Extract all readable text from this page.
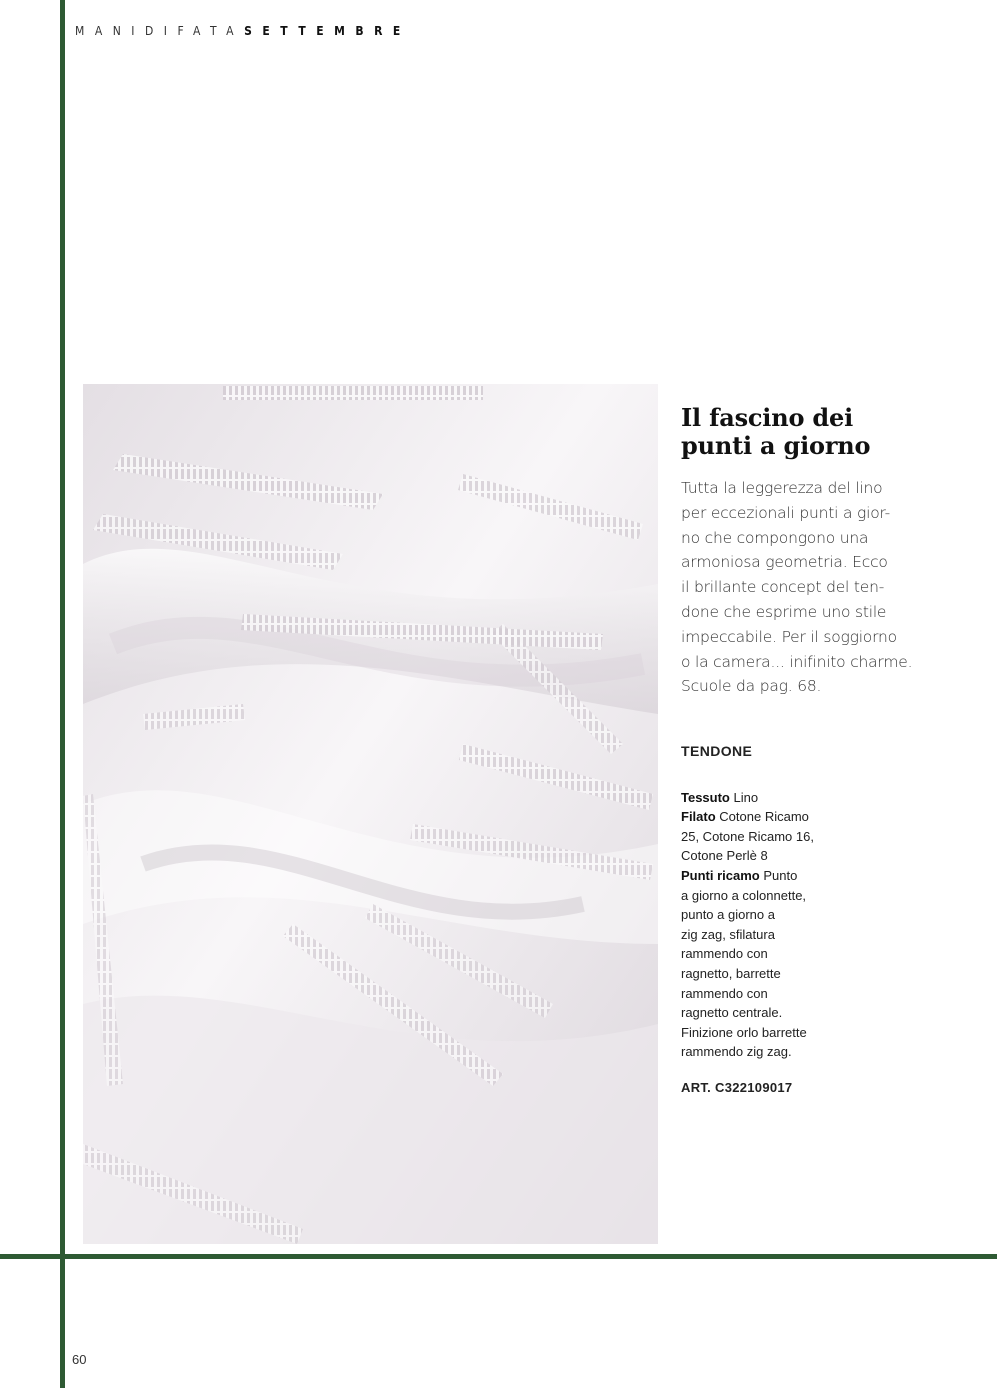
MANIDIFATASETTEMBRE
Il fascino dei
punti a giorno

Tutta la leggerezza del lino
per eccezionali punti a gior-
no che compongono una
armoniosa geometria. Ecco
il brillante concept del ten-
done che esprime uno stile
impeccabile. Per il soggiorno
o la camera... inifinito charme.
Scuole da pag. 68.

TENDONE

Tessuto Lino

Filato Cotone Ricamo
25, Cotone Ricamo 16,
Cotone Perlè 8

Punti ricamo Punto
a giorno a colonnette,
punto a giorno a
zig zag, sfilatura
rammendo con
ragnetto, barrette
rammendo con
ragnetto centrale.
Finizione orlo barrette
rammendo zig zag.

ART. C322109017
60
